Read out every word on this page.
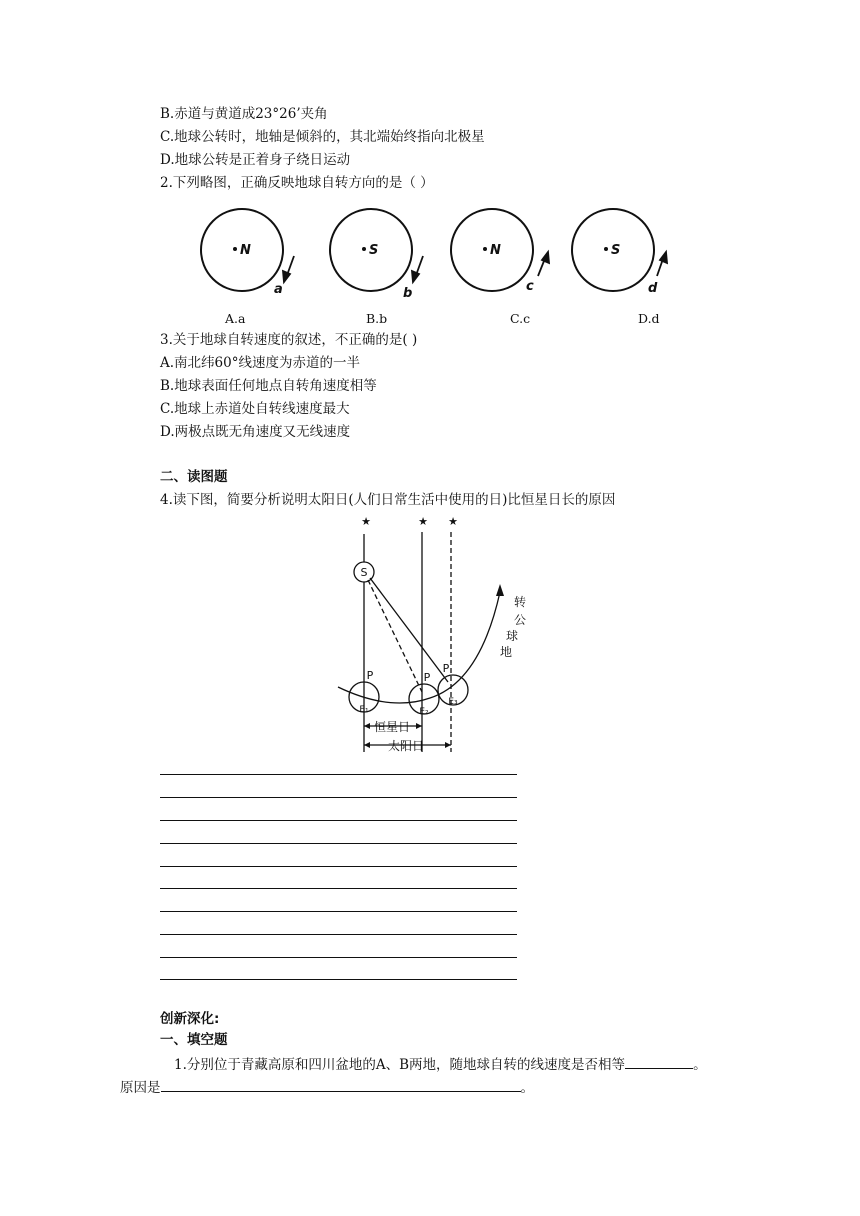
B.赤道与黄道成23°26’夹角
C.地球公转时，地轴是倾斜的，其北端始终指向北极星
D.地球公转是正着身子绕日运动
2.下列略图，正确反映地球自转方向的是（ ）
N	S	N	S
a	b	c	d
A.a	B.b	C.c	D.d
3.关于地球自转速度的叙述，不正确的是( )
A.南北纬60°线速度为赤道的一半
B.地球表面任何地点自转角速度相等
C.地球上赤道处自转线速度最大
D.两极点既无角速度又无线速度
二、读图题
4.读下图，简要分析说明太阳日(人们日常生活中使用的日)比恒星日长的原因
★	★ ★
S
P	P
P
E₁	E₂
E₃
转
公
球
地
恒星日
太阳日
创新深化:
一、填空题
1.分别位于青藏高原和四川盆地的A、B两地，随地球自转的线速度是否相等	。
原因是	。
